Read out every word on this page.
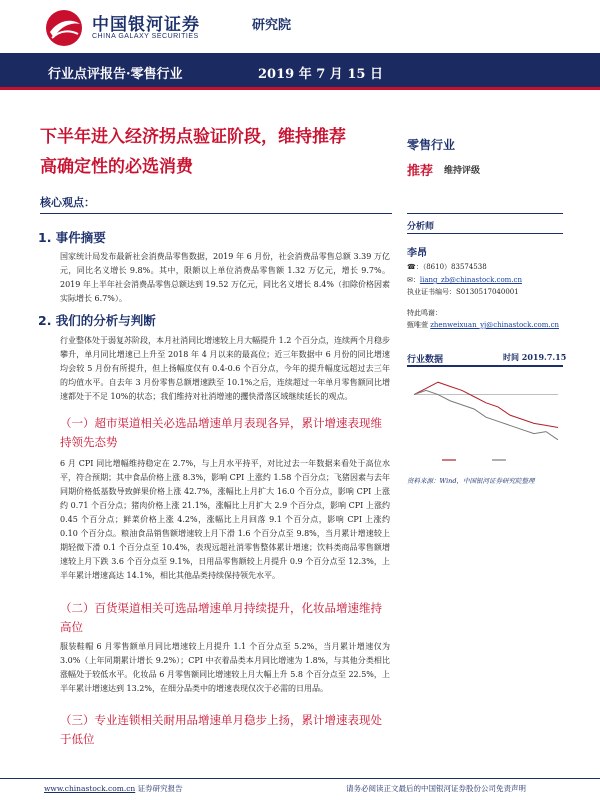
中国银河证券
CHINA GALAXY SECURITIES
研究院
行业点评报告·零售行业	2019 年 7 月 15 日
下半年进入经济拐点验证阶段，维持推荐
高确定性的必选消费
核心观点：
1. 事件摘要
国家统计局发布最新社会消费品零售数据，2019 年 6 月份，社会消费品零售总额 3.39 万亿元，同比名义增长 9.8%。其中，限额以上单位消费品零售额 1.32 万亿元，增长 9.7%。2019 年上半年社会消费品零售总额达到 19.52 万亿元，同比名义增长 8.4%（扣除价格因素实际增长 6.7%）。
2. 我们的分析与判断
行业整体处于弱复苏阶段，本月社消同比增速较上月大幅提升 1.2 个百分点，连续两个月稳步攀升，单月同比增速已上升至 2018 年 4 月以来的最高位；近三年数据中 6 月份的同比增速均会较 5 月份有所提升，但上扬幅度仅有 0.4-0.6 个百分点，今年的提升幅度远超过去三年的均值水平。自去年 3 月份零售总额增速跌至 10.1%之后，连续超过一年单月零售额同比增速都处于不足 10%的状态；我们维持对社消增速的攫快滑落区域继续延长的观点。
（一）超市渠道相关必选品增速单月表现各异，累计增速表现维持领先态势
6 月 CPI 同比增幅维持稳定在 2.7%，与上月水平持平，对比过去一年数据来看处于高位水平，符合预期；其中食品价格上涨 8.3%，影响 CPI 上涨约 1.58 个百分点；飞猪因素与去年同期价格低基数导致鲜果价格上涨 42.7%，涨幅比上月扩大 16.0 个百分点，影响 CPI 上涨约 0.71 个百分点；猪肉价格上涨 21.1%，涨幅比上月扩大 2.9 个百分点，影响 CPI 上涨约 0.45 个百分点；鲜菜价格上涨 4.2%，涨幅比上月回落 9.1 个百分点，影响 CPI 上涨约 0.10 个百分点。粮油食品销售额增速较上月下滑 1.6 个百分点至 9.8%，当月累计增速较上期轻微下滑 0.1 个百分点至 10.4%，表现远超社消零售整体累计增速；饮料类商品零售额增速较上月下跌 3.6 个百分点至 9.1%，日用品零售额较上月提升 0.9 个百分点至 12.3%，上半年累计增速高达 14.1%，相比其他品类持续保持领先水平。
（二）百货渠道相关可选品增速单月持续提升，化妆品增速维持高位
服装鞋帽 6 月零售额单月同比增速较上月提升 1.1 个百分点至 5.2%，当月累计增速仅为 3.0%（上年同期累计增长 9.2%）；CPI 中衣着品类本月同比增速为 1.8%，与其他分类相比涨幅处于较低水平。化妆品 6 月零售额同比增速较上月大幅上升 5.8 个百分点至 22.5%，上半年累计增速达到 13.2%，在细分品类中的增速表现仅次于必需的日用品。
（三）专业连锁相关耐用品增速单月稳步上扬，累计增速表现处于低位
零售行业
推荐 维持评级
分析师
李昂
☎：（8610）83574538
✉：liang_zb@chinastock.com.cn
执业证书编号：S0130517040001
特此鸣谢：
甄唯萱 zhenweixuan_yj@chinastock.com.cn
行业数据	时间 2019.7.15
资料来源：Wind，中国银河证券研究院整理
www.chinastock.com.cn 证券研究报告	请务必阅读正文最后的中国银河证券股份公司免责声明
